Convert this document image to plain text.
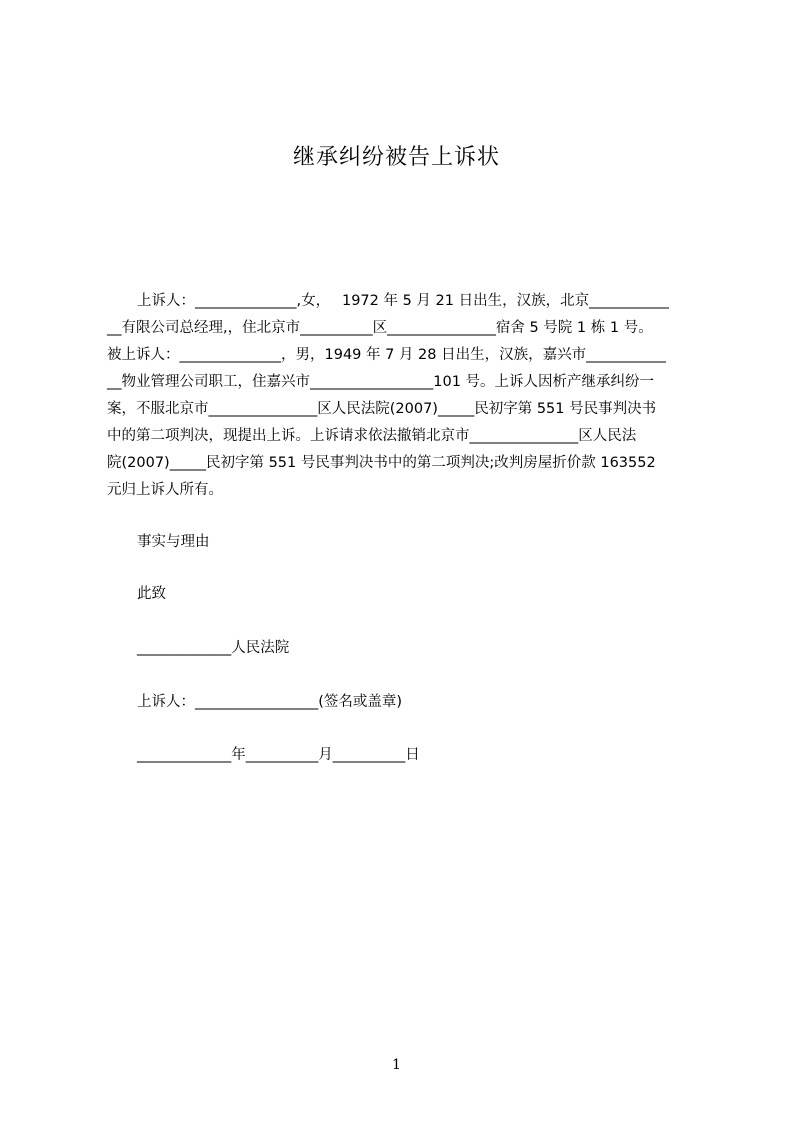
继承纠纷被告上诉状
上诉人：______________,女，　 1972 年 5 月 21 日出生，汉族，北京___________
__有限公司总经理,，住北京市__________区_______________宿舍 5 号院 1 栋 1 号。
被上诉人：______________，男，1949 年 7 月 28 日出生，汉族，嘉兴市___________
__物业管理公司职工，住嘉兴市_________________101 号。上诉人因析产继承纠纷一
案，不服北京市_______________区人民法院(2007)_____民初字第 551 号民事判决书
中的第二项判决，现提出上诉。上诉请求依法撤销北京市_______________区人民法
院(2007)_____民初字第 551 号民事判决书中的第二项判决;改判房屋折价款 163552
元归上诉人所有。
事实与理由
此致
_____________人民法院
上诉人：_________________(签名或盖章)
_____________年__________月__________日
1
